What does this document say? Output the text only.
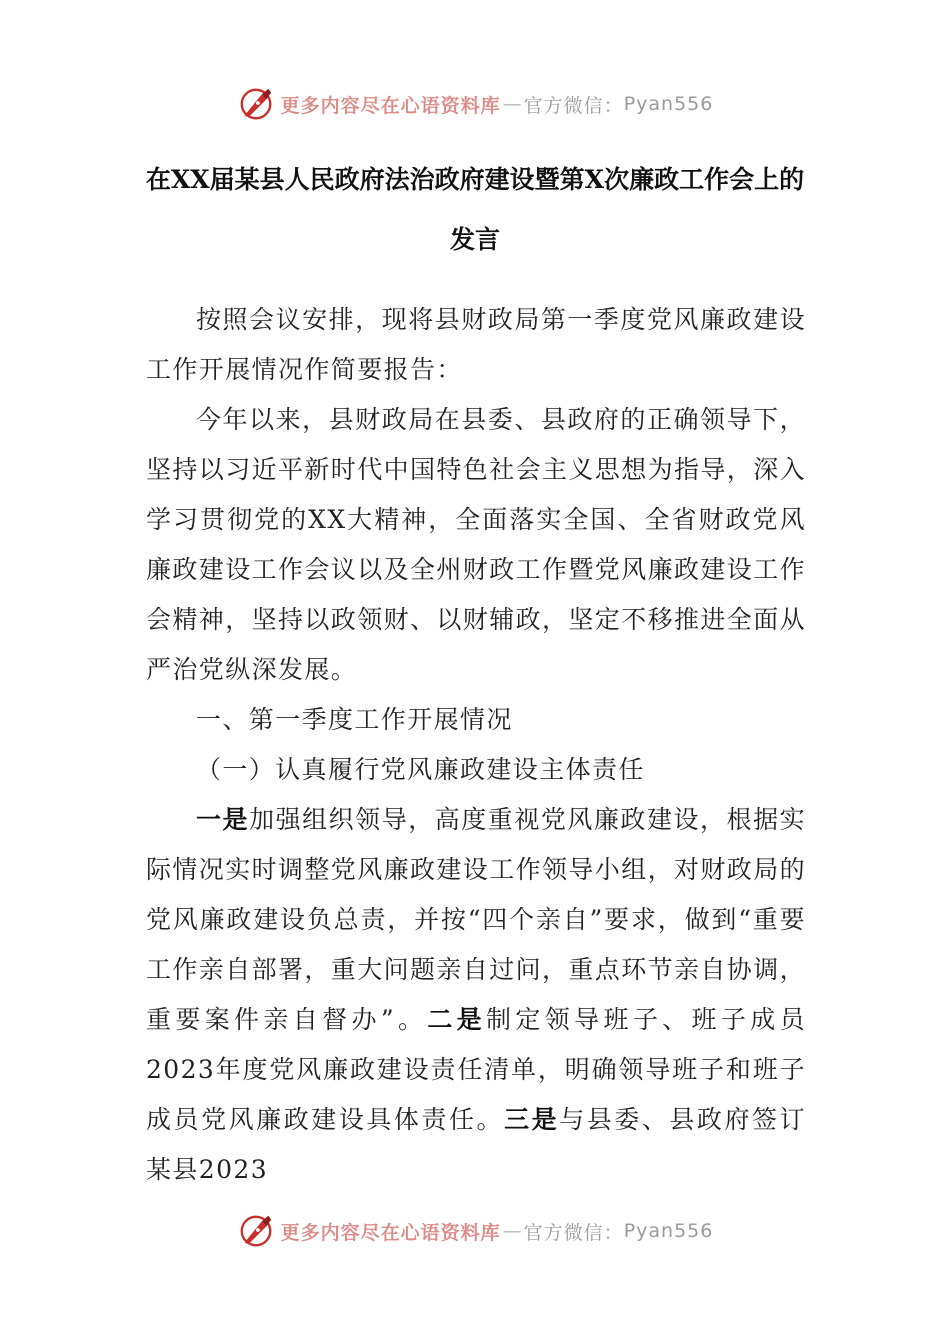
更多内容尽在心语资料库 — 官方微信： Pyan556
在XX届某县人民政府法治政府建设暨第X次廉政工作会上的发言

按照会议安排，现将县财政局第一季度党风廉政建设工作开展情况作简要报告：

今年以来，县财政局在县委、县政府的正确领导下，坚持以习近平新时代中国特色社会主义思想为指导，深入学习贯彻党的XX大精神，全面落实全国、全省财政党风廉政建设工作会议以及全州财政工作暨党风廉政建设工作会精神，坚持以政领财、以财辅政，坚定不移推进全面从严治党纵深发展。

一、第一季度工作开展情况

（一）认真履行党风廉政建设主体责任

一是加强组织领导，高度重视党风廉政建设，根据实际情况实时调整党风廉政建设工作领导小组，对财政局的党风廉政建设负总责，并按“四个亲自”要求，做到“重要工作亲自部署，重大问题亲自过问，重点环节亲自协调，重要案件亲自督办”。二是制定领导班子、班子成员2023年度党风廉政建设责任清单，明确领导班子和班子成员党风廉政建设具体责任。三是与县委、县政府签订某县2023

更多内容尽在心语资料库 — 官方微信： Pyan556
